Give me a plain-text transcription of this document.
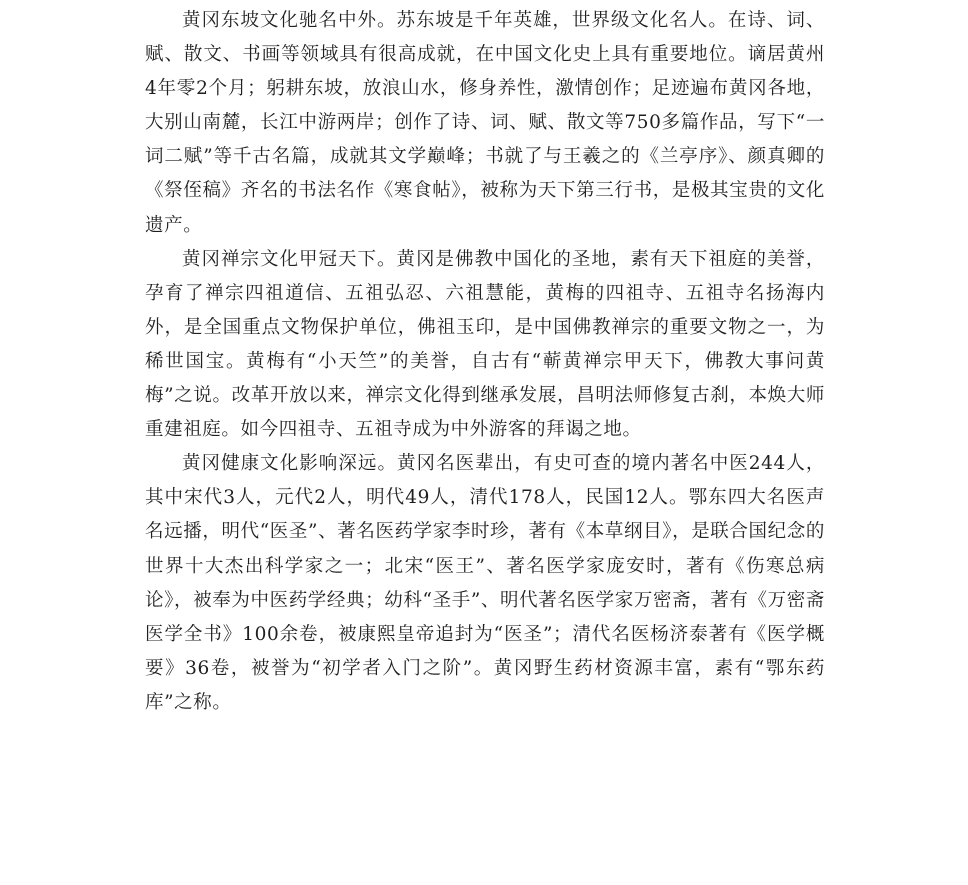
黄冈东坡文化驰名中外。苏东坡是千年英雄，世界级文化名人。在诗、词、赋、散文、书画等领域具有很高成就，在中国文化史上具有重要地位。谪居黄州4年零2个月；躬耕东坡，放浪山水，修身养性，激情创作；足迹遍布黄冈各地，大别山南麓，长江中游两岸；创作了诗、词、赋、散文等750多篇作品，写下“一词二赋”等千古名篇，成就其文学巅峰；书就了与王羲之的《兰亭序》、颜真卿的《祭侄稿》齐名的书法名作《寒食帖》，被称为天下第三行书，是极其宝贵的文化遗产。

黄冈禅宗文化甲冠天下。黄冈是佛教中国化的圣地，素有天下祖庭的美誉，孕育了禅宗四祖道信、五祖弘忍、六祖慧能，黄梅的四祖寺、五祖寺名扬海内外，是全国重点文物保护单位，佛祖玉印，是中国佛教禅宗的重要文物之一，为稀世国宝。黄梅有“小天竺”的美誉，自古有“蕲黄禅宗甲天下，佛教大事问黄梅”之说。改革开放以来，禅宗文化得到继承发展，昌明法师修复古刹，本焕大师重建祖庭。如今四祖寺、五祖寺成为中外游客的拜谒之地。

黄冈健康文化影响深远。黄冈名医辈出，有史可查的境内著名中医244人，其中宋代3人，元代2人，明代49人，清代178人，民国12人。鄂东四大名医声名远播，明代“医圣”、著名医药学家李时珍，著有《本草纲目》，是联合国纪念的世界十大杰出科学家之一；北宋“医王”、著名医学家庞安时，著有《伤寒总病论》，被奉为中医药学经典；幼科“圣手”、明代著名医学家万密斋，著有《万密斋医学全书》100余卷，被康熙皇帝追封为“医圣”；清代名医杨济泰著有《医学概要》36卷，被誉为“初学者入门之阶”。黄冈野生药材资源丰富，素有“鄂东药库”之称。
